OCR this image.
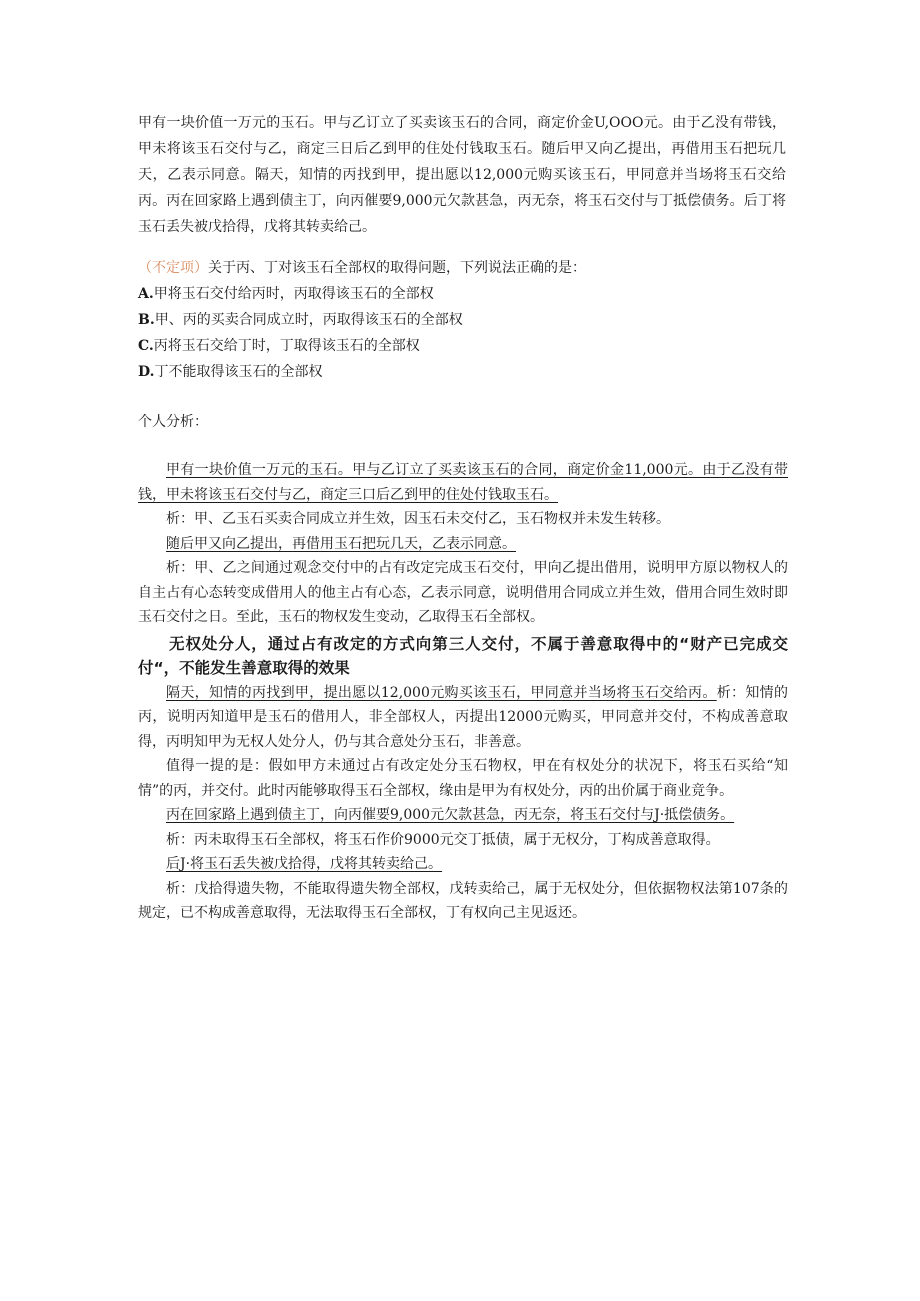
甲有一块价值一万元的玉石。甲与乙订立了买卖该玉石的合同，商定价金U,OOO元。由于乙没有带钱，甲未将该玉石交付与乙，商定三日后乙到甲的住处付钱取玉石。随后甲又向乙提出，再借用玉石把玩几天，乙表示同意。隔天，知情的丙找到甲，提出愿以12,000元购买该玉石，甲同意并当场将玉石交给丙。丙在回家路上遇到债主丁，向丙催要9,000元欠款甚急，丙无奈，将玉石交付与丁抵偿债务。后丁将玉石丢失被戊拾得，戊将其转卖给己。

（不定项）关于丙、丁对该玉石全部权的取得问题，下列说法正确的是：

A.甲将玉石交付给丙时，丙取得该玉石的全部权

B.甲、丙的买卖合同成立时，丙取得该玉石的全部权

C.丙将玉石交给丁时，丁取得该玉石的全部权

D.丁不能取得该玉石的全部权

个人分析：

甲有一块价值一万元的玉石。甲与乙订立了买卖该玉石的合同，商定价金11,000元。由于乙没有带钱，甲未将该玉石交付与乙，商定三口后乙到甲的住处付钱取玉石。

析：甲、乙玉石买卖合同成立并生效，因玉石未交付乙，玉石物权并未发生转移。

随后甲又向乙提出，再借用玉石把玩几天，乙表示同意。

析：甲、乙之间通过观念交付中的占有改定完成玉石交付，甲向乙提出借用，说明甲方原以物权人的自主占有心态转变成借用人的他主占有心态，乙表示同意，说明借用合同成立并生效，借用合同生效时即玉石交付之日。至此，玉石的物权发生变动，乙取得玉石全部权。

无权处分人，通过占有改定的方式向第三人交付，不属于善意取得中的“财产已完成交付“，不能发生善意取得的效果

隔天，知情的丙找到甲，提出愿以12,000元购买该玉石，甲同意并当场将玉石交给丙。析：知情的丙，说明丙知道甲是玉石的借用人，非全部权人，丙提出12000元购买，甲同意并交付，不构成善意取得，丙明知甲为无权人处分人，仍与其合意处分玉石，非善意。

值得一提的是：假如甲方未通过占有改定处分玉石物权，甲在有权处分的状况下，将玉石买给“知情”的丙，并交付。此时丙能够取得玉石全部权，缘由是甲为有权处分，丙的出价属于商业竞争。

丙在回家路上遇到债主丁，向丙催要9,000元欠款甚急，丙无奈，将玉石交付与J·抵偿债务。

析：丙未取得玉石全部权，将玉石作价9000元交丁抵债，属于无权分，丁构成善意取得。

后J·将玉石丢失被戊拾得，戊将其转卖给己。

析：戊拾得遗失物，不能取得遗失物全部权，戊转卖给己，属于无权处分，但依据物权法第107条的规定，已不构成善意取得，无法取得玉石全部权，丁有权向己主见返还。
